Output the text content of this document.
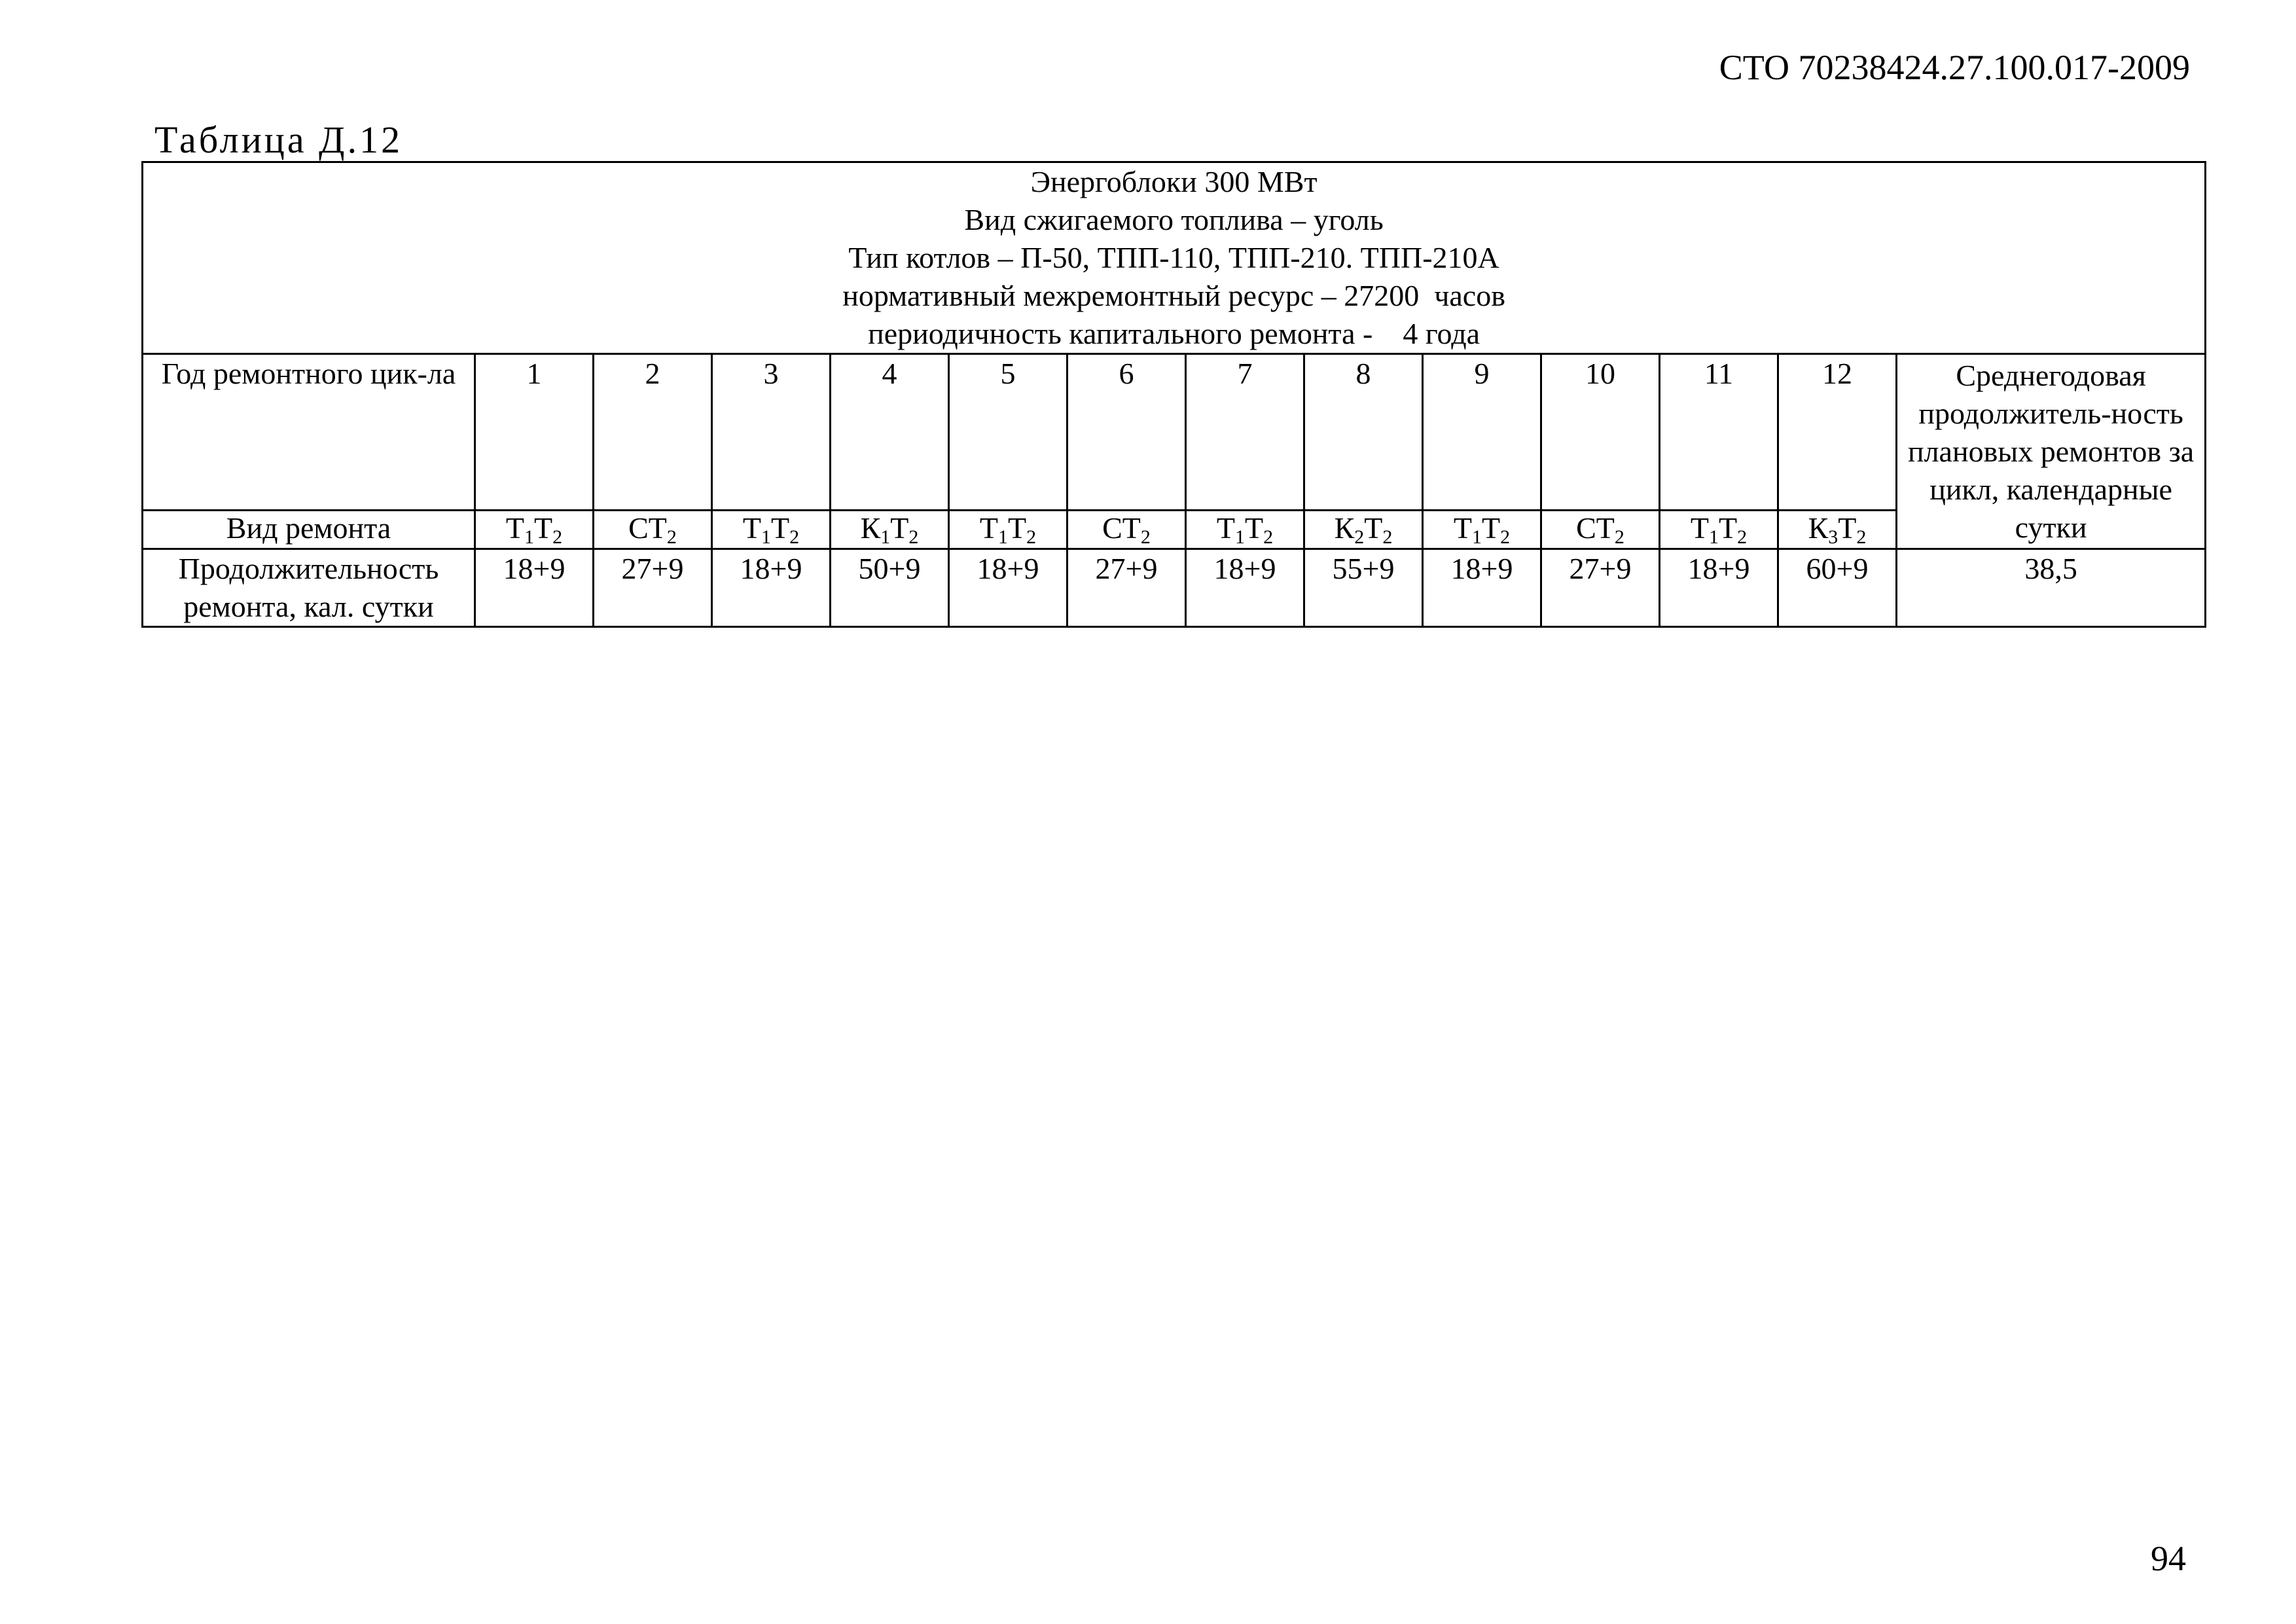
СТО 70238424.27.100.017-2009
Таблица Д.12
Энергоблоки 300 МВт
Вид сжигаемого топлива – уголь
Тип котлов – П-50, ТПП-110, ТПП-210. ТПП-210А
нормативный межремонтный ресурс – 27200  часов
периодичность капитального ремонта -    4 года													

Год ремонтного цик-ла	1	2	3	4	5	6	7	8	9	10	11	12	Среднегодовая продолжитель-ность плановых ремонтов за цикл, календарные сутки
Вид ремонта	$Т_1Т_2$	$СТ_2$	$Т_1Т_2$	$К_1Т_2$	$Т_1Т_2$	$СТ_2$	$Т_1Т_2$	$К_2Т_2$	$Т_1Т_2$	$СТ_2$	$Т_1Т_2$	$К_3Т_2$
Продолжительность ремонта, кал. сутки	18+9	27+9	18+9	50+9	18+9	27+9	18+9	55+9	18+9	27+9	18+9	60+9	38,5
94
